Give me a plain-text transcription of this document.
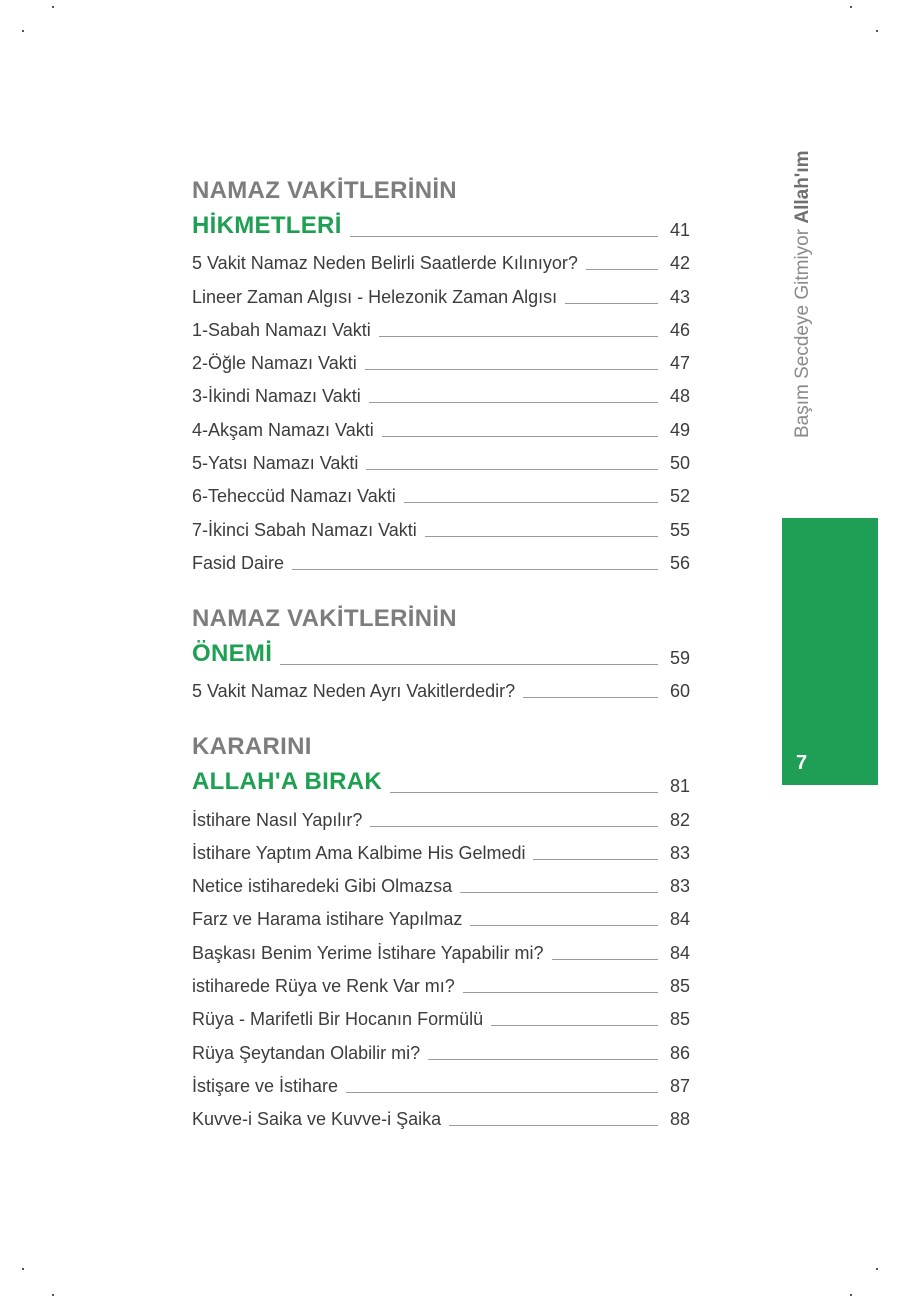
NAMAZ VAKİTLERİNİN
HİKMETLERİ	41
5 Vakit Namaz Neden Belirli Saatlerde Kılınıyor?	42
Lineer Zaman Algısı - Helezonik Zaman Algısı	43
1-Sabah Namazı Vakti	46
2-Öğle Namazı Vakti	47
3-İkindi Namazı Vakti	48
4-Akşam Namazı Vakti	49
5-Yatsı Namazı Vakti	50
6-Teheccüd Namazı Vakti	52
7-İkinci Sabah Namazı Vakti	55
Fasid Daire	56
NAMAZ VAKİTLERİNİN
ÖNEMİ	59
5 Vakit Namaz Neden Ayrı Vakitlerdedir?	60
KARARINI
ALLAH'A BIRAK	81
İstihare Nasıl Yapılır?	82
İstihare Yaptım Ama Kalbime His Gelmedi	83
Netice istiharedeki Gibi Olmazsa	83
Farz ve Harama istihare Yapılmaz	84
Başkası Benim Yerime İstihare Yapabilir mi?	84
istiharede Rüya ve Renk Var mı?	85
Rüya - Marifetli Bir Hocanın Formülü	85
Rüya Şeytandan Olabilir mi?	86
İstişare ve İstihare	87
Kuvve-i Saika ve Kuvve-i Şaika	88
Başım Secdeye Gitmiyor Allah'ım
7
